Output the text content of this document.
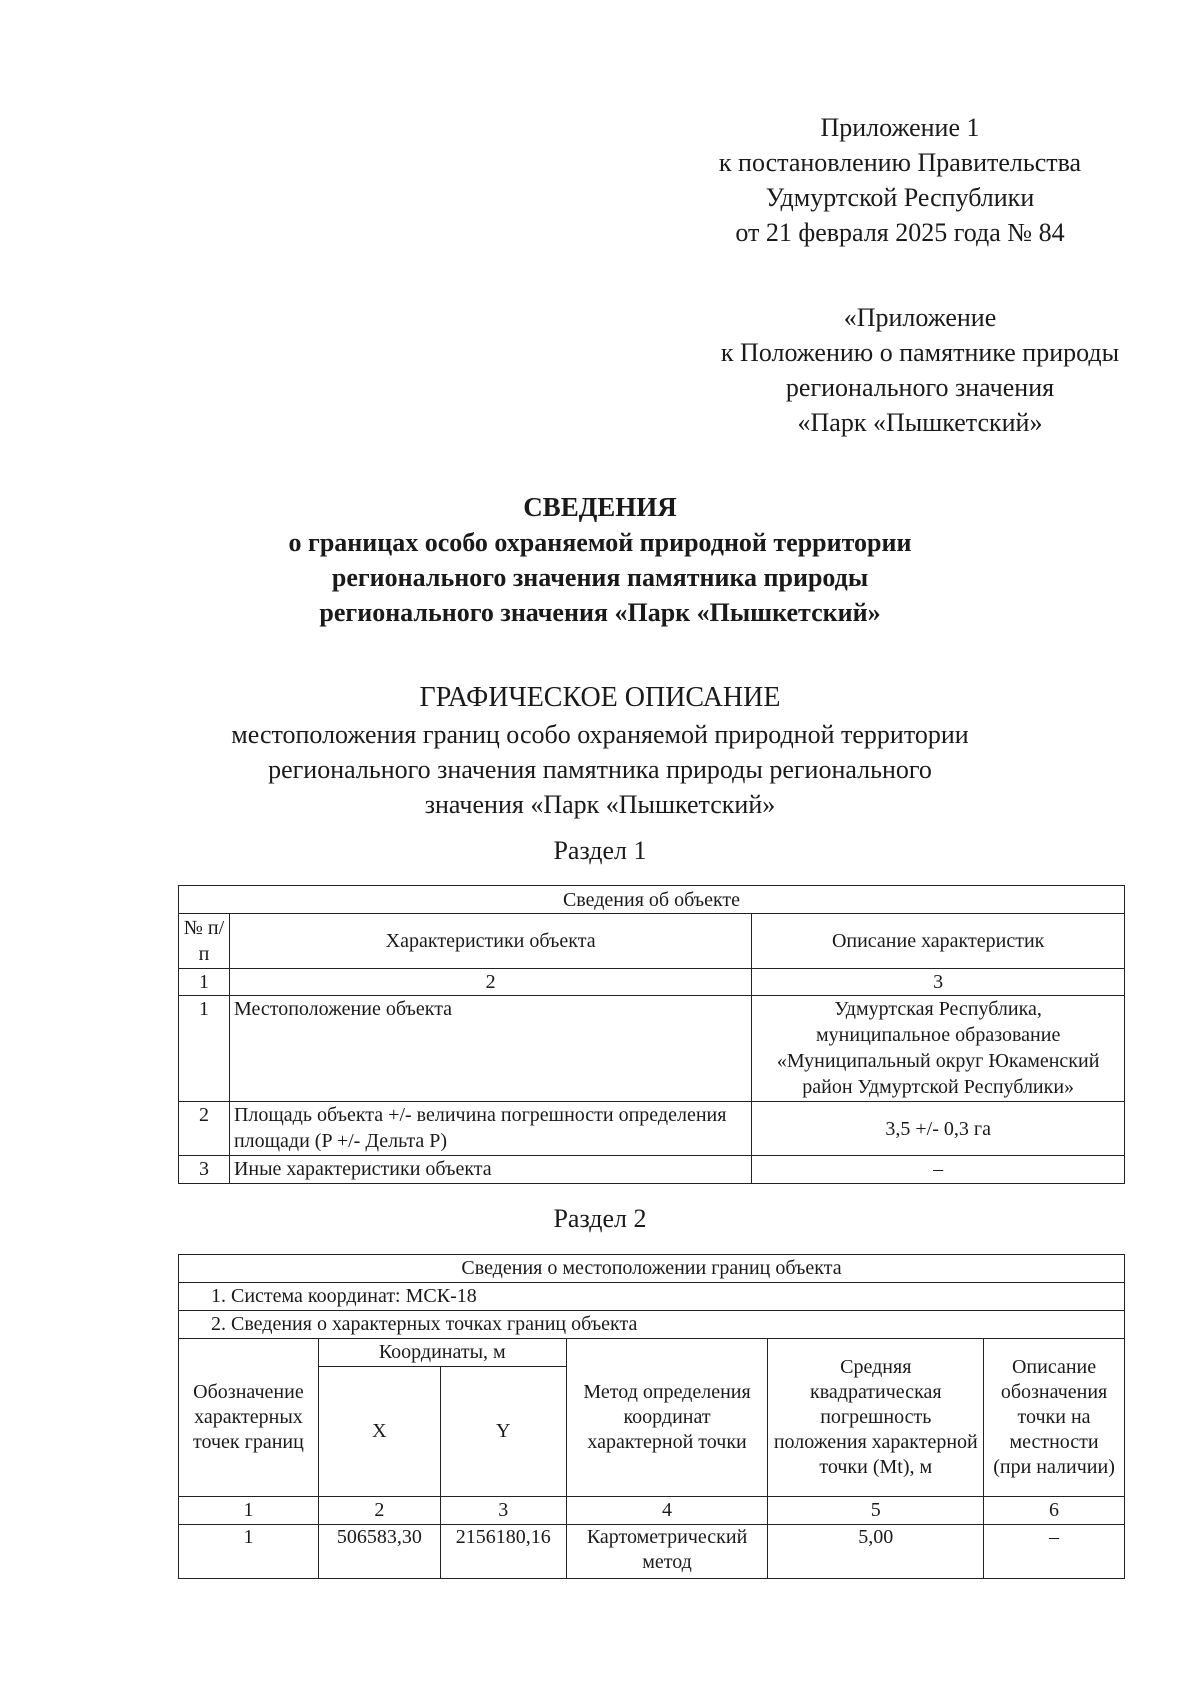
Приложение 1
к постановлению Правительства
Удмуртской Республики
от 21 февраля 2025 года № 84
«Приложение
к Положению о памятнике природы
регионального значения
«Парк «Пышкетский»
СВЕДЕНИЯ
о границах особо охраняемой природной территории
регионального значения памятника природы
регионального значения «Парк «Пышкетский»
ГРАФИЧЕСКОЕ ОПИСАНИЕ
местоположения границ особо охраняемой природной территории
регионального значения памятника природы регионального
значения «Парк «Пышкетский»
Раздел 1
Сведения об объекте		
№ п/п	Характеристики объекта	Описание характеристик
1	2	3
1	Местоположение объекта	Удмуртская Республика,
муниципальное образование
«Муниципальный округ Юкаменский
район Удмуртской Республики»

2	Площадь объекта +/- величина погрешности определения площади (P +/- Дельта P)	3,5 +/- 0,3 га
3	Иные характеристики объекта	–
Раздел 2
Сведения о местоположении границ объекта					
1. Система координат: МСК-18					
2. Сведения о характерных точках границ объекта					
Обозначение характерных точек границ	Координаты, м		Метод определения координат характерной точки	Средняя квадратическая погрешность положения характерной точки (Mt), м	Описание обозначения точки на местности (при наличии)
	X	Y			
1	2	3	4	5	6
1	506583,30	2156180,16	Картометрический метод	5,00	–
